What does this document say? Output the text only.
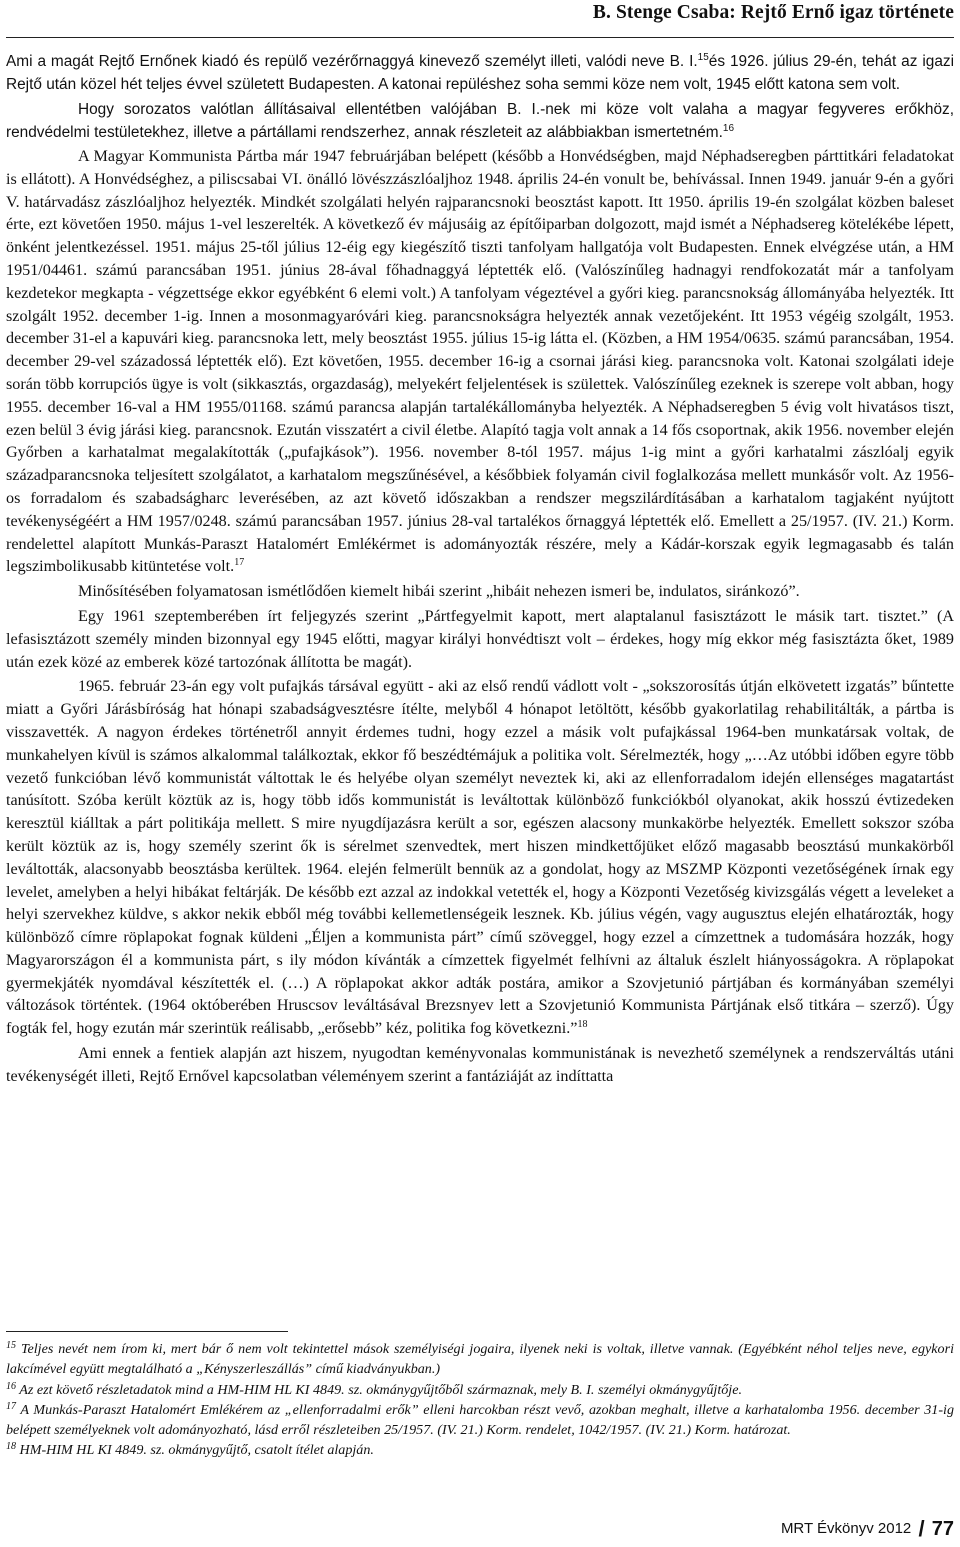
B. Stenge Csaba: Rejtő Ernő igaz története
Ami a magát Rejtő Ernőnek kiadó és repülő vezérőrnaggyá kinevező személyt illeti, valódi neve B. I.$^{15}$és 1926. július 29-én, tehát az igazi Rejtő után közel hét teljes évvel született Budapesten. A katonai repüléshez soha semmi köze nem volt, 1945 előtt katona sem volt.
Hogy sorozatos valótlan állításaival ellentétben valójában B. I.-nek mi köze volt valaha a magyar fegyveres erőkhöz, rendvédelmi testületekhez, illetve a pártállami rendszerhez, annak részleteit az alábbiakban ismertetném.$^{16}$
A Magyar Kommunista Pártba már 1947 februárjában belépett (később a Honvédségben, majd Néphadseregben párttitkári feladatokat is ellátott). A Honvédséghez, a piliscsabai VI. önálló lövészzászlóaljhoz 1948. április 24-én vonult be, behívással. Innen 1949. január 9-én a győri V. határvadász zászlóaljhoz helyezték. Mindkét szolgálati helyén rajparancsnoki beosztást kapott. Itt 1950. április 19-én szolgálat közben baleset érte, ezt követően 1950. május 1-vel leszerelték. A következő év májusáig az építőiparban dolgozott, majd ismét a Néphadsereg kötelékébe lépett, önként jelentkezéssel. 1951. május 25-től július 12-éig egy kiegészítő tiszti tanfolyam hallgatója volt Budapesten. Ennek elvégzése után, a HM 1951/04461. számú parancsában 1951. június 28-ával főhadnaggyá léptették elő. (Valószínűleg hadnagyi rendfokozatát már a tanfolyam kezdetekor megkapta - végzettsége ekkor egyébként 6 elemi volt.) A tanfolyam végeztével a győri kieg. parancsnokság állományába helyezték. Itt szolgált 1952. december 1-ig. Innen a mosonmagyaróvári kieg. parancsnokságra helyezték annak vezetőjeként. Itt 1953 végéig szolgált, 1953. december 31-el a kapuvári kieg. parancsnoka lett, mely beosztást 1955. július 15-ig látta el. (Közben, a HM 1954/0635. számú parancsában, 1954. december 29-vel századossá léptették elő). Ezt követően, 1955. december 16-ig a csornai járási kieg. parancsnoka volt. Katonai szolgálati ideje során több korrupciós ügye is volt (sikkasztás, orgazdaság), melyekért feljelentések is születtek. Valószínűleg ezeknek is szerepe volt abban, hogy 1955. december 16-val a HM 1955/01168. számú parancsa alapján tartalékállományba helyezték. A Néphadseregben 5 évig volt hivatásos tiszt, ezen belül 3 évig járási kieg. parancsnok. Ezután visszatért a civil életbe. Alapító tagja volt annak a 14 fős csoportnak, akik 1956. november elején Győrben a karhatalmat megalakították („pufajkások”). 1956. november 8-tól 1957. május 1-ig mint a győri karhatalmi zászlóalj egyik századparancsnoka teljesített szolgálatot, a karhatalom megszűnésével, a későbbiek folyamán civil foglalkozása mellett munkásőr volt. Az 1956-os forradalom és szabadságharc leverésében, az azt követő időszakban a rendszer megszilárdításában a karhatalom tagjaként nyújtott tevékenységéért a HM 1957/0248. számú parancsában 1957. június 28-val tartalékos őrnaggyá léptették elő. Emellett a 25/1957. (IV. 21.) Korm. rendelettel alapított Munkás-Paraszt Hatalomért Emlékérmet is adományozták részére, mely a Kádár-korszak egyik legmagasabb és talán legszimbolikusabb kitüntetése volt.$^{17}$
Minősítésében folyamatosan ismétlődően kiemelt hibái szerint „hibáit nehezen ismeri be, indulatos, siránkozó”.
Egy 1961 szeptemberében írt feljegyzés szerint „Pártfegyelmit kapott, mert alaptalanul fasisztázott le másik tart. tisztet.” (A lefasisztázott személy minden bizonnyal egy 1945 előtti, magyar királyi honvédtiszt volt – érdekes, hogy míg ekkor még fasisztázta őket, 1989 után ezek közé az emberek közé tartozónak állította be magát).
1965. február 23-án egy volt pufajkás társával együtt - aki az első rendű vádlott volt - „sokszorosítás útján elkövetett izgatás” bűntette miatt a Győri Járásbíróság hat hónapi szabadságvesztésre ítélte, melyből 4 hónapot letöltött, később gyakorlatilag rehabilitálták, a pártba is visszavették. A nagyon érdekes történetről annyit érdemes tudni, hogy ezzel a másik volt pufajkással 1964-ben munkatársak voltak, de munkahelyen kívül is számos alkalommal találkoztak, ekkor fő beszédtémájuk a politika volt. Sérelmezték, hogy „…Az utóbbi időben egyre több vezető funkcióban lévő kommunistát váltottak le és helyébe olyan személyt neveztek ki, aki az ellenforradalom idején ellenséges magatartást tanúsított. Szóba került köztük az is, hogy több idős kommunistát is leváltottak különböző funkciókból olyanokat, akik hosszú évtizedeken keresztül kiálltak a párt politikája mellett. S mire nyugdíjazásra került a sor, egészen alacsony munkakörbe helyezték. Emellett sokszor szóba került köztük az is, hogy személy szerint ők is sérelmet szenvedtek, mert hiszen mindkettőjüket előző magasabb beosztású munkakörből leváltották, alacsonyabb beosztásba kerültek. 1964. elején felmerült bennük az a gondolat, hogy az MSZMP Központi vezetőségének írnak egy levelet, amelyben a helyi hibákat feltárják. De később ezt azzal az indokkal vetették el, hogy a Központi Vezetőség kivizsgálás végett a leveleket a helyi szervekhez küldve, s akkor nekik ebből még további kellemetlenségeik lesznek. Kb. július végén, vagy augusztus elején elhatározták, hogy különböző címre röplapokat fognak küldeni „Éljen a kommunista párt” című szöveggel, hogy ezzel a címzettnek a tudomására hozzák, hogy Magyarországon él a kommunista párt, s ily módon kívánták a címzettek figyelmét felhívni az általuk észlelt hiányosságokra. A röplapokat gyermekjáték nyomdával készítették el. (…) A röplapokat akkor adták postára, amikor a Szovjetunió pártjában és kormányában személyi változások történtek. (1964 októberében Hruscsov leváltásával Brezsnyev lett a Szovjetunió Kommunista Pártjának első titkára – szerző). Úgy fogták fel, hogy ezután már szerintük reálisabb, „erősebb” kéz, politika fog következni.”$^{18}$
Ami ennek a fentiek alapján azt hiszem, nyugodtan keményvonalas kommunistának is nevezhető személynek a rendszerváltás utáni tevékenységét illeti, Rejtő Ernővel kapcsolatban véleményem szerint a fantáziáját az indíttatta
$^{15}$ Teljes nevét nem írom ki, mert bár ő nem volt tekintettel mások személyiségi jogaira, ilyenek neki is voltak, illetve vannak. (Egyébként néhol teljes neve, egykori lakcímével együtt megtalálható a „Kényszerleszállás” című kiadványukban.)
$^{16}$ Az ezt követő részletadatok mind a HM-HIM HL KI 4849. sz. okmánygyűjtőből származnak, mely B. I. személyi okmánygyűjtője.
$^{17}$ A Munkás-Paraszt Hatalomért Emlékérem az „ellenforradalmi erők” elleni harcokban részt vevő, azokban meghalt, illetve a karhatalomba 1956. december 31-ig belépett személyeknek volt adományozható, lásd erről részleteiben 25/1957. (IV. 21.) Korm. rendelet, 1042/1957. (IV. 21.) Korm. határozat.
$^{18}$ HM-HIM HL KI 4849. sz. okmánygyűjtő, csatolt ítélet alapján.
MRT Évkönyv 2012 / 77
